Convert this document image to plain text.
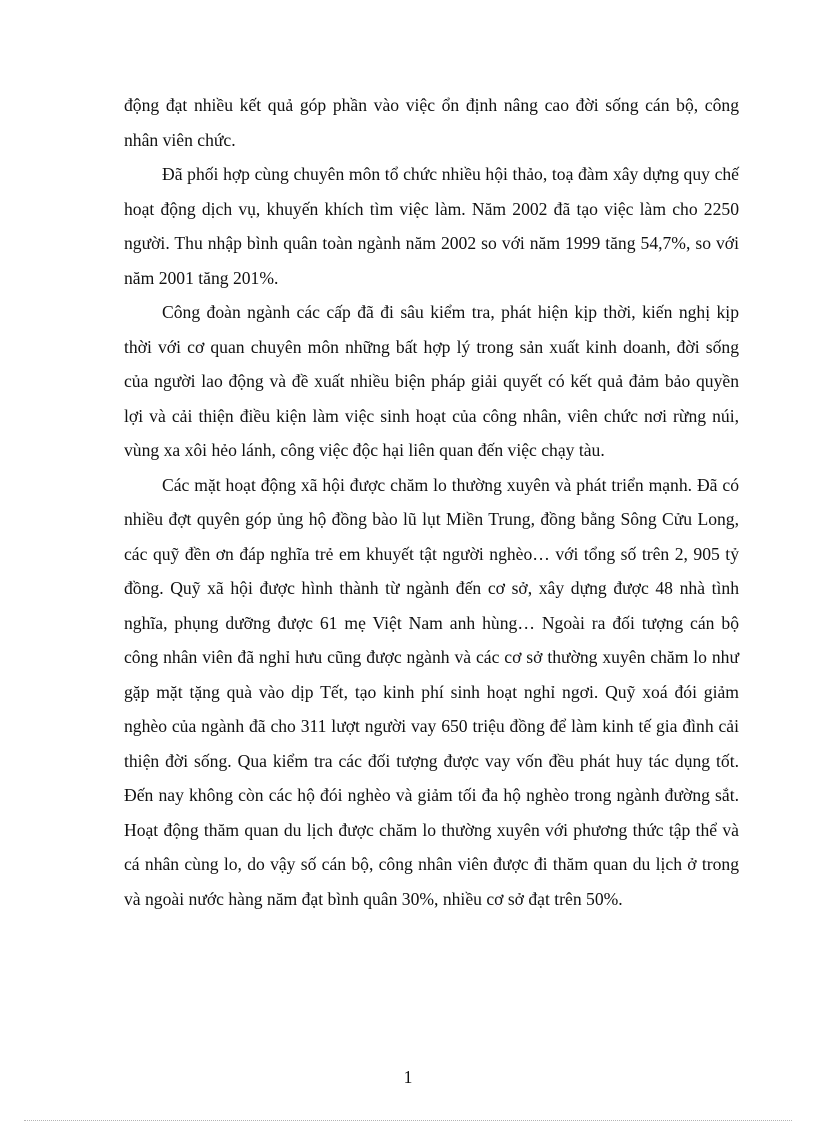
động đạt nhiều kết quả góp phần vào việc ổn định nâng cao đời sống cán bộ, công nhân viên chức.

Đã phối hợp cùng chuyên môn tổ chức nhiều hội thảo, toạ đàm xây dựng quy chế hoạt động dịch vụ, khuyến khích tìm việc làm. Năm 2002 đã tạo việc làm cho 2250 người. Thu nhập bình quân toàn ngành năm 2002 so với năm 1999 tăng 54,7%, so với năm 2001 tăng 201%.

Công đoàn ngành các cấp đã đi sâu kiểm tra, phát hiện kịp thời, kiến nghị kịp thời với cơ quan chuyên môn những bất hợp lý trong sản xuất kinh doanh, đời sống của người lao động và đề xuất nhiều biện pháp giải quyết có kết quả đảm bảo quyền lợi và cải thiện điều kiện làm việc sinh hoạt của công nhân, viên chức nơi rừng núi, vùng xa xôi hẻo lánh, công việc độc hại liên quan đến việc chạy tàu.

Các mặt hoạt động xã hội được chăm lo thường xuyên và phát triển mạnh. Đã có nhiều đợt quyên góp ủng hộ đồng bào lũ lụt Miền Trung, đồng bằng Sông Cửu Long, các quỹ đền ơn đáp nghĩa trẻ em khuyết tật người nghèo… với tổng số trên 2, 905 tỷ đồng. Quỹ xã hội được hình thành từ ngành đến cơ sở, xây dựng được 48 nhà tình nghĩa, phụng dưỡng được 61 mẹ Việt Nam anh hùng… Ngoài ra đối tượng cán bộ công nhân viên đã nghỉ hưu cũng được ngành và các cơ sở thường xuyên chăm lo như gặp mặt tặng quà vào dịp Tết, tạo kinh phí sinh hoạt nghỉ ngơi. Quỹ xoá đói giảm nghèo của ngành đã cho 311 lượt người vay 650 triệu đồng để làm kinh tế gia đình cải thiện đời sống. Qua kiểm tra các đối tượng được vay vốn đều phát huy tác dụng tốt. Đến nay không còn các hộ đói nghèo và giảm tối đa hộ nghèo trong ngành đường sắt. Hoạt động thăm quan du lịch được chăm lo thường xuyên với phương thức tập thể và cá nhân cùng lo, do vậy số cán bộ, công nhân viên được đi thăm quan du lịch ở trong và ngoài nước hàng năm đạt bình quân 30%, nhiều cơ sở đạt trên 50%.

1
